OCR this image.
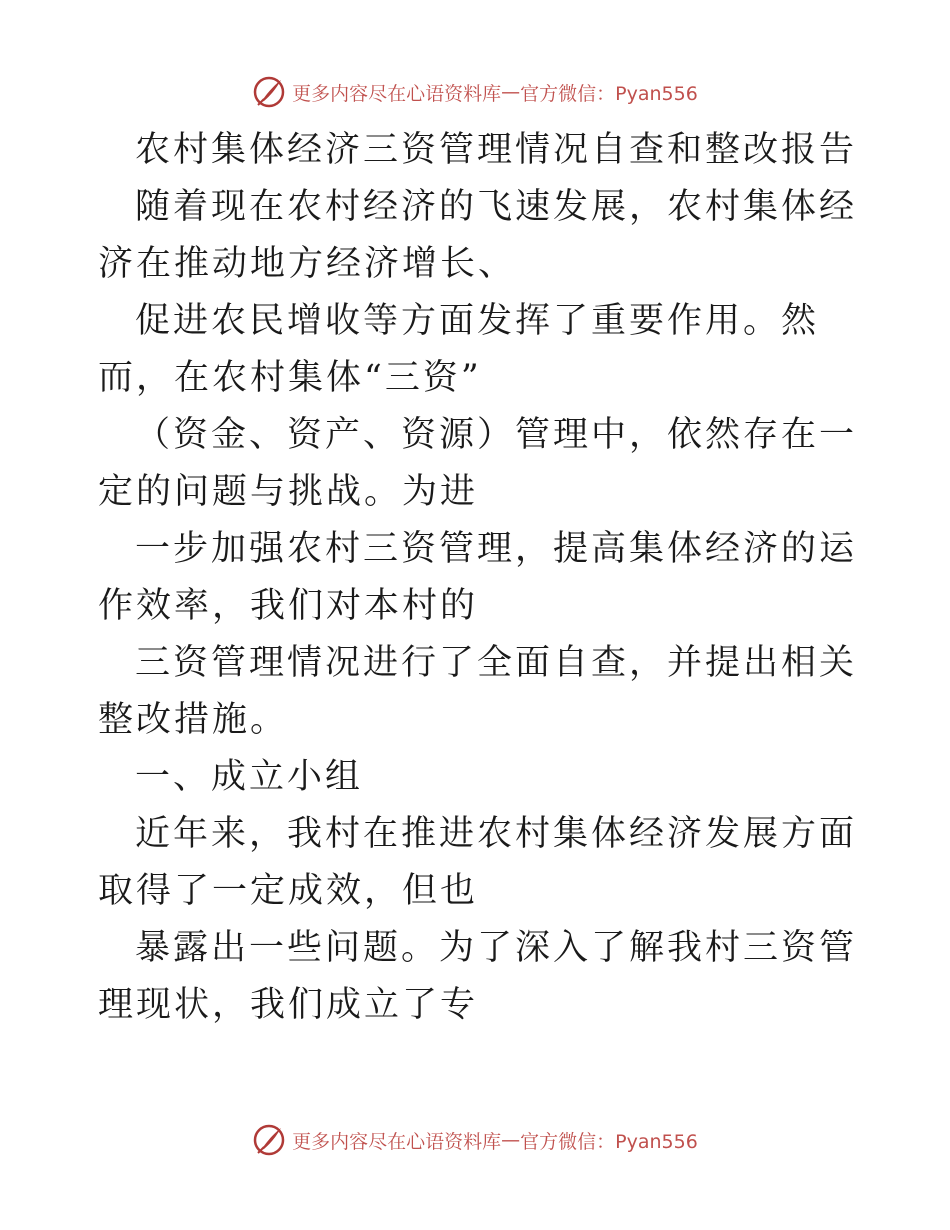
更多内容尽在心语资料库 — 官方微信：Pyan556

农村集体经济三资管理情况自查和整改报告

随着现在农村经济的飞速发展，农村集体经济在推动地方经济增长、

促进农民增收等方面发挥了重要作用。然而，在农村集体“三资”

（资金、资产、资源）管理中，依然存在一定的问题与挑战。为进

一步加强农村三资管理，提高集体经济的运作效率，我们对本村的

三资管理情况进行了全面自查，并提出相关整改措施。

一、成立小组

近年来，我村在推进农村集体经济发展方面取得了一定成效，但也

暴露出一些问题。为了深入了解我村三资管理现状，我们成立了专

更多内容尽在心语资料库 — 官方微信：Pyan556
